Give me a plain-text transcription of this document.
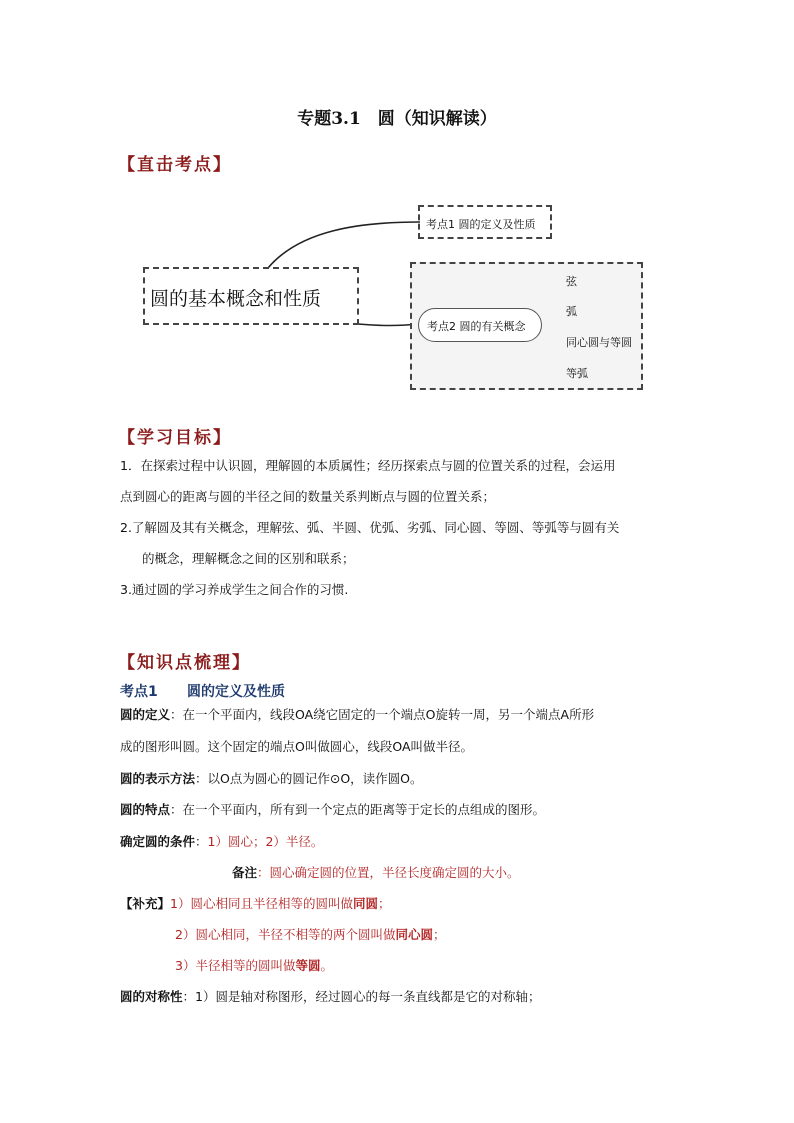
专题3.1　圆（知识解读）
【直击考点】
圆的基本概念和性质
考点1 圆的定义及性质
考点2 圆的有关概念
弦
弧
同心圆与等圆
等弧
【学习目标】
1．在探索过程中认识圆，理解圆的本质属性；经历探索点与圆的位置关系的过程，会运用
点到圆心的距离与圆的半径之间的数量关系判断点与圆的位置关系；
2.了解圆及其有关概念，理解弦、弧、半圆、优弧、劣弧、同心圆、等圆、等弧等与圆有关
的概念，理解概念之间的区别和联系；
3.通过圆的学习养成学生之间合作的习惯.
【知识点梳理】
考点1 圆的定义及性质
圆的定义：在一个平面内，线段OA绕它固定的一个端点O旋转一周，另一个端点A所形
成的图形叫圆。这个固定的端点O叫做圆心，线段OA叫做半径。
圆的表示方法：以O点为圆心的圆记作⊙O，读作圆O。
圆的特点：在一个平面内，所有到一个定点的距离等于定长的点组成的图形。
确定圆的条件：1）圆心；2）半径。
备注：圆心确定圆的位置，半径长度确定圆的大小。
【补充】1）圆心相同且半径相等的圆叫做同圆；
2）圆心相同，半径不相等的两个圆叫做同心圆；
3）半径相等的圆叫做等圆。
圆的对称性：1）圆是轴对称图形，经过圆心的每一条直线都是它的对称轴；
